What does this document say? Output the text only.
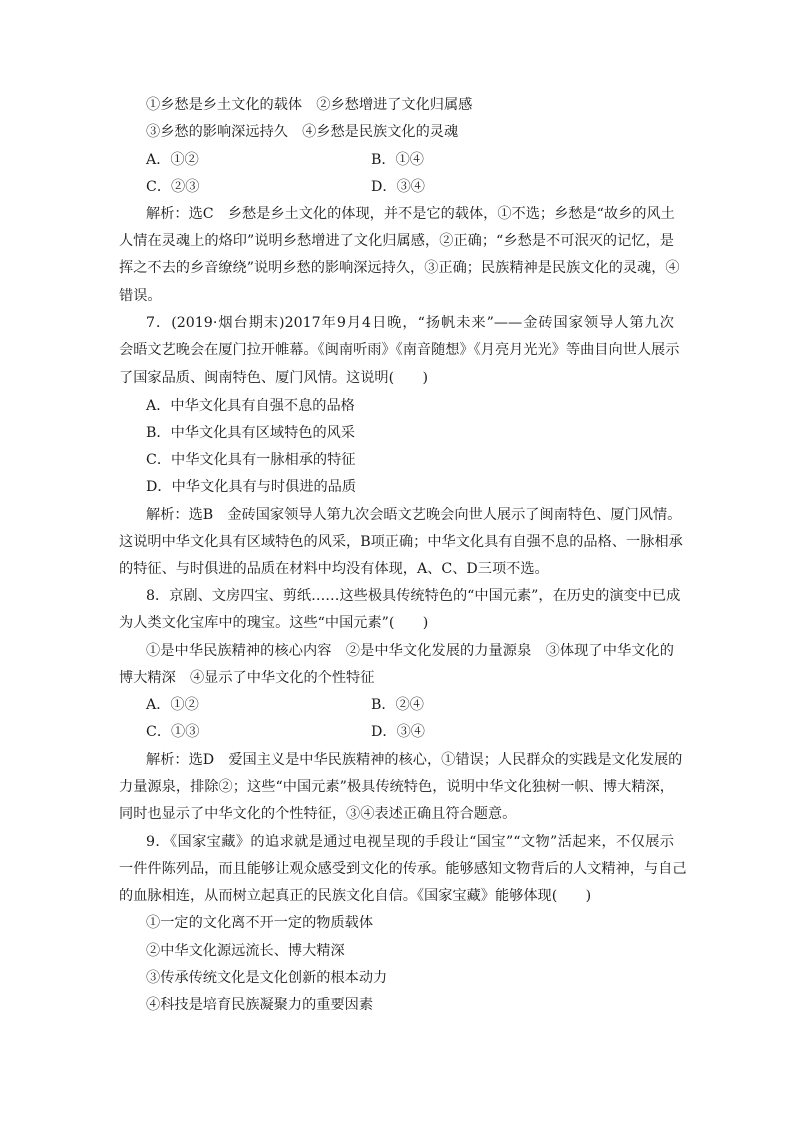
①乡愁是乡土文化的载体　②乡愁增进了文化归属感
③乡愁的影响深远持久　④乡愁是民族文化的灵魂
A．①②	B．①④
C．②③	D．③④
解析：选C　乡愁是乡土文化的体现，并不是它的载体，①不选；乡愁是“故乡的风土
人情在灵魂上的烙印”说明乡愁增进了文化归属感，②正确；“乡愁是不可泯灭的记忆，是
挥之不去的乡音缭绕”说明乡愁的影响深远持久，③正确；民族精神是民族文化的灵魂，④
错误。
7．(2019·烟台期末)2017年9月4日晚，“扬帆未来”——金砖国家领导人第九次
会晤文艺晚会在厦门拉开帷幕。《闽南听雨》《南音随想》《月亮月光光》等曲目向世人展示
了国家品质、闽南特色、厦门风情。这说明(　　)
A．中华文化具有自强不息的品格
B．中华文化具有区域特色的风采
C．中华文化具有一脉相承的特征
D．中华文化具有与时俱进的品质
解析：选B　金砖国家领导人第九次会晤文艺晚会向世人展示了闽南特色、厦门风情。
这说明中华文化具有区域特色的风采，B项正确；中华文化具有自强不息的品格、一脉相承
的特征、与时俱进的品质在材料中均没有体现，A、C、D三项不选。
8．京剧、文房四宝、剪纸……这些极具传统特色的“中国元素”，在历史的演变中已成
为人类文化宝库中的瑰宝。这些“中国元素”(　　)
①是中华民族精神的核心内容　②是中华文化发展的力量源泉　③体现了中华文化的
博大精深　④显示了中华文化的个性特征
A．①②	B．②④
C．①③	D．③④
解析：选D　爱国主义是中华民族精神的核心，①错误；人民群众的实践是文化发展的
力量源泉，排除②；这些“中国元素”极具传统特色，说明中华文化独树一帜、博大精深，
同时也显示了中华文化的个性特征，③④表述正确且符合题意。
9．《国家宝藏》的追求就是通过电视呈现的手段让“国宝”“文物”活起来，不仅展示
一件件陈列品，而且能够让观众感受到文化的传承。能够感知文物背后的人文精神，与自己
的血脉相连，从而树立起真正的民族文化自信。《国家宝藏》能够体现(　　)
①一定的文化离不开一定的物质载体
②中华文化源远流长、博大精深
③传承传统文化是文化创新的根本动力
④科技是培育民族凝聚力的重要因素
